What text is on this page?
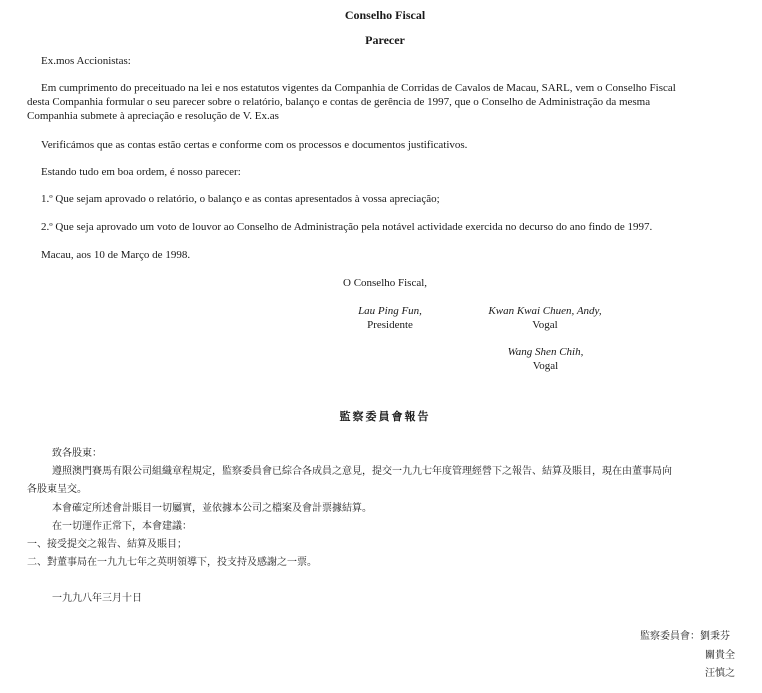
Conselho Fiscal
Parecer
Ex.mos Accionistas:
Em cumprimento do preceituado na lei e nos estatutos vigentes da Companhia de Corridas de Cavalos de Macau, SARL, vem o Conselho Fiscal
desta Companhia formular o seu parecer sobre o relatório, balanço e contas de gerência de 1997, que o Conselho de Administração da mesma
Companhia submete à apreciação e resolução de V. Ex.as
Verificámos que as contas estão certas e conforme com os processos e documentos justificativos.
Estando tudo em boa ordem, é nosso parecer:
1.º Que sejam aprovado o relatório, o balanço e as contas apresentados à vossa apreciação;
2.º Que seja aprovado um voto de louvor ao Conselho de Administração pela notável actividade exercida no decurso do ano findo de 1997.
Macau, aos 10 de Março de 1998.
O Conselho Fiscal,
Lau Ping Fun,
Presidente
Kwan Kwai Chuen, Andy,
Vogal
Wang Shen Chih,
Vogal
監察委員會報告
致各股東：
遵照澳門賽馬有限公司組織章程規定，監察委員會已綜合各成員之意見，提交一九九七年度管理經營下之報告、結算及賬目，現在由董事局向
各股東呈交。
本會確定所述會計賬目一切屬實，並依據本公司之檔案及會計票據結算。
在一切運作正常下，本會建議：
一、接受提交之報告、結算及賬目；
二、對董事局在一九九七年之英明領導下，投支持及感謝之一票。
一九九八年三月十日
監察委員會：劉秉芬
關貴全
汪慎之
